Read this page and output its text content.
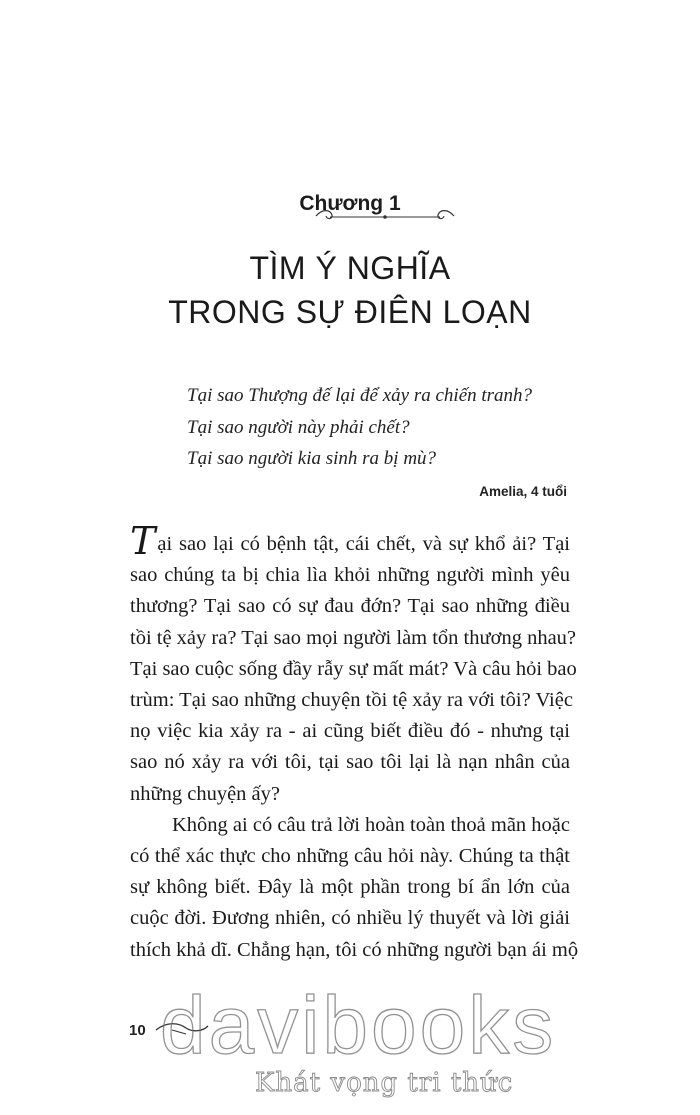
Chương 1
TÌM Ý NGHĨA
TRONG SỰ ĐIÊN LOẠN
Tại sao Thượng đế lại để xảy ra chiến tranh?
Tại sao người này phải chết?
Tại sao người kia sinh ra bị mù?
Amelia, 4 tuổi
Tại sao lại có bệnh tật, cái chết, và sự khổ ải? Tại
sao chúng ta bị chia lìa khỏi những người mình yêu
thương? Tại sao có sự đau đớn? Tại sao những điều
tồi tệ xảy ra? Tại sao mọi người làm tổn thương nhau?
Tại sao cuộc sống đầy rẫy sự mất mát? Và câu hỏi bao
trùm: Tại sao những chuyện tồi tệ xảy ra với tôi? Việc
nọ việc kia xảy ra - ai cũng biết điều đó - nhưng tại
sao nó xảy ra với tôi, tại sao tôi lại là nạn nhân của
những chuyện ấy?
Không ai có câu trả lời hoàn toàn thoả mãn hoặc
có thể xác thực cho những câu hỏi này. Chúng ta thật
sự không biết. Đây là một phần trong bí ẩn lớn của
cuộc đời. Đương nhiên, có nhiều lý thuyết và lời giải
thích khả dĩ. Chẳng hạn, tôi có những người bạn ái mộ
10 davibooks
Khát vọng tri thức
